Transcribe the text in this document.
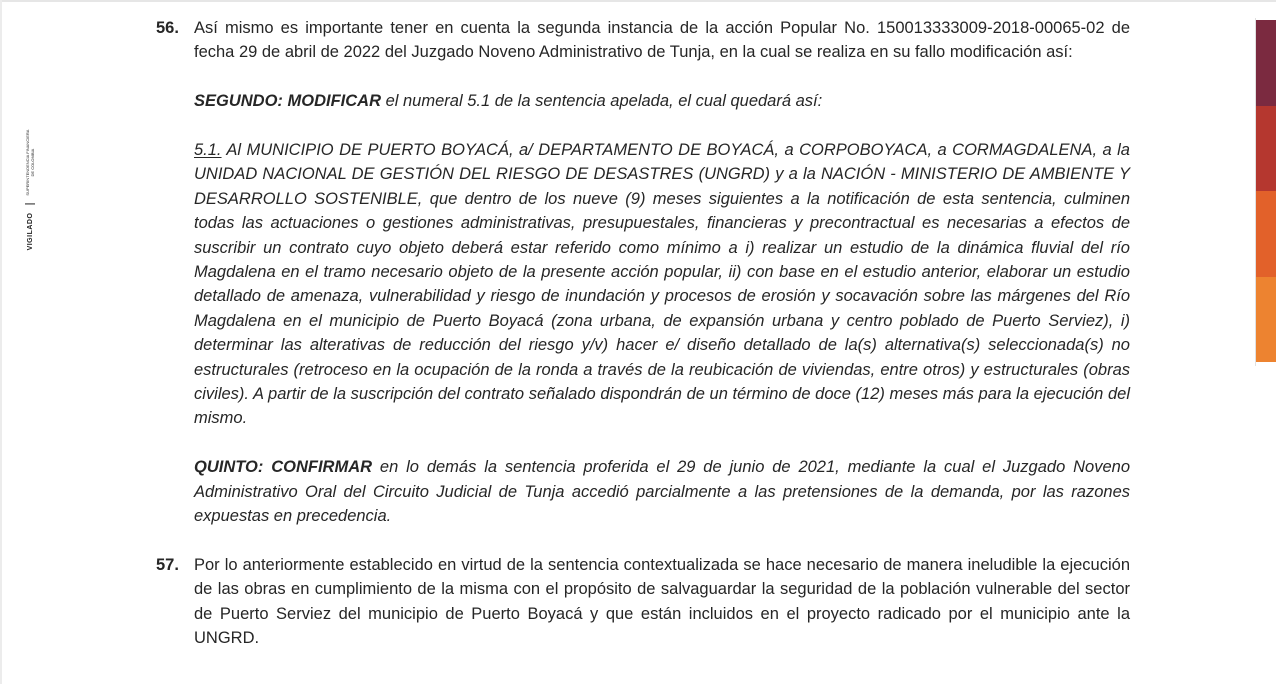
VIGILADO
SUPERINTENDENCIA FINANCIERA
DE COLOMBIA

56. Así mismo es importante tener en cuenta la segunda instancia de la acción Popular No. 150013333009-2018-00065-02 de fecha 29 de abril de 2022 del Juzgado Noveno Administrativo de Tunja, en la cual se realiza en su fallo modificación así:

SEGUNDO: MODIFICAR el numeral 5.1 de la sentencia apelada, el cual quedará así:

5.1. Al MUNICIPIO DE PUERTO BOYACÁ, a/ DEPARTAMENTO DE BOYACÁ, a CORPOBOYACA, a CORMAGDALENA, a la UNIDAD NACIONAL DE GESTIÓN DEL RIESGO DE DESASTRES (UNGRD) y a la NACIÓN - MINISTERIO DE AMBIENTE Y DESARROLLO SOSTENIBLE, que dentro de los nueve (9) meses siguientes a la notificación de esta sentencia, culminen todas las actuaciones o gestiones administrativas, presupuestales, financieras y precontractual es necesarias a efectos de suscribir un contrato cuyo objeto deberá estar referido como mínimo a i) realizar un estudio de la dinámica fluvial del río Magdalena en el tramo necesario objeto de la presente acción popular, ii) con base en el estudio anterior, elaborar un estudio detallado de amenaza, vulnerabilidad y riesgo de inundación y procesos de erosión y socavación sobre las márgenes del Río Magdalena en el municipio de Puerto Boyacá (zona urbana, de expansión urbana y centro poblado de Puerto Serviez), i) determinar las alterativas de reducción del riesgo y/v) hacer e/ diseño detallado de la(s) alternativa(s) seleccionada(s) no estructurales (retroceso en la ocupación de la ronda a través de la reubicación de viviendas, entre otros) y estructurales (obras civiles). A partir de la suscripción del contrato señalado dispondrán de un término de doce (12) meses más para la ejecución del mismo.

QUINTO: CONFIRMAR en lo demás la sentencia proferida el 29 de junio de 2021, mediante la cual el Juzgado Noveno Administrativo Oral del Circuito Judicial de Tunja accedió parcialmente a las pretensiones de la demanda, por las razones expuestas en precedencia.

57. Por lo anteriormente establecido en virtud de la sentencia contextualizada se hace necesario de manera ineludible la ejecución de las obras en cumplimiento de la misma con el propósito de salvaguardar la seguridad de la población vulnerable del sector de Puerto Serviez del municipio de Puerto Boyacá y que están incluidos en el proyecto radicado por el municipio ante la UNGRD.
